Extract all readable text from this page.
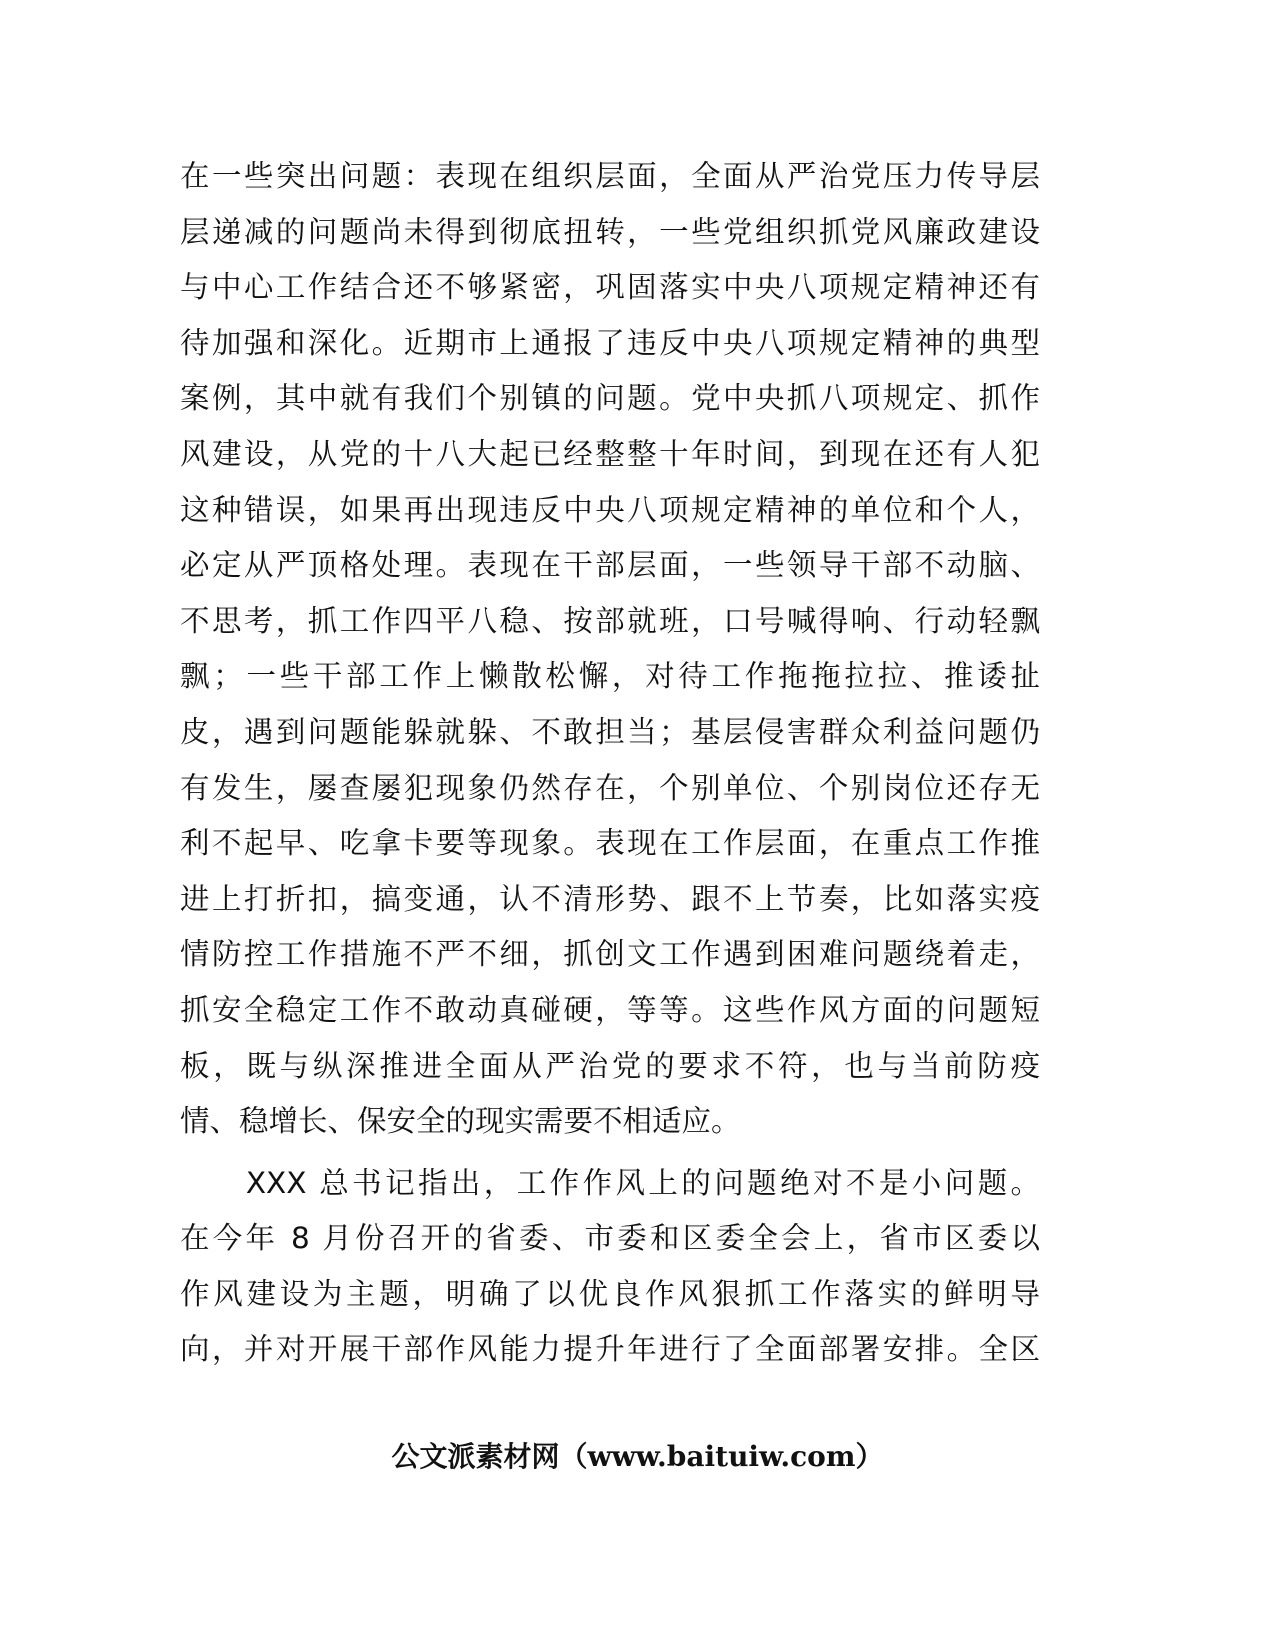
在一些突出问题：表现在组织层面，全面从严治党压力传导层
层递减的问题尚未得到彻底扭转，一些党组织抓党风廉政建设
与中心工作结合还不够紧密，巩固落实中央八项规定精神还有
待加强和深化。近期市上通报了违反中央八项规定精神的典型
案例，其中就有我们个别镇的问题。党中央抓八项规定、抓作
风建设，从党的十八大起已经整整十年时间，到现在还有人犯
这种错误，如果再出现违反中央八项规定精神的单位和个人，
必定从严顶格处理。表现在干部层面，一些领导干部不动脑、
不思考，抓工作四平八稳、按部就班，口号喊得响、行动轻飘
飘；一些干部工作上懒散松懈，对待工作拖拖拉拉、推诿扯
皮，遇到问题能躲就躲、不敢担当；基层侵害群众利益问题仍
有发生，屡查屡犯现象仍然存在，个别单位、个别岗位还存无
利不起早、吃拿卡要等现象。表现在工作层面，在重点工作推
进上打折扣，搞变通，认不清形势、跟不上节奏，比如落实疫
情防控工作措施不严不细，抓创文工作遇到困难问题绕着走，
抓安全稳定工作不敢动真碰硬，等等。这些作风方面的问题短
板，既与纵深推进全面从严治党的要求不符，也与当前防疫
情、稳增长、保安全的现实需要不相适应。
　　XXX 总书记指出，工作作风上的问题绝对不是小问题。
在今年 8 月份召开的省委、市委和区委全会上，省市区委以
作风建设为主题，明确了以优良作风狠抓工作落实的鲜明导
向，并对开展干部作风能力提升年进行了全面部署安排。全区
公文派素材网（www.baituiw.com）
